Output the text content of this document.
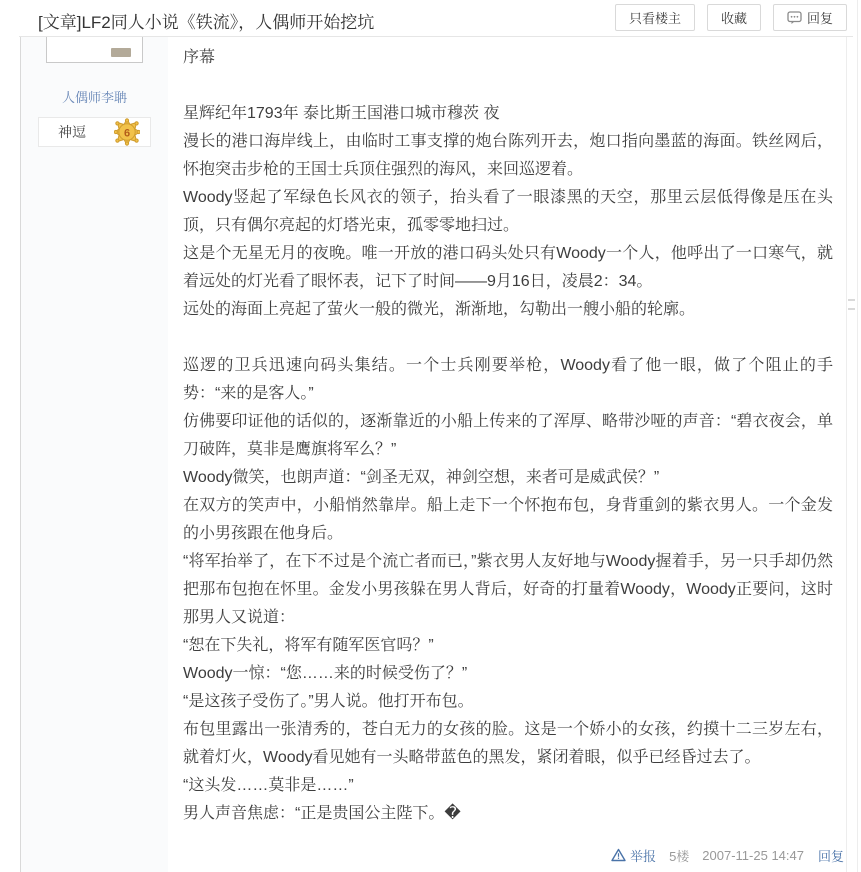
[文章]LF2同人小说《铁流》，人偶师开始挖坑	只看楼主	收藏	回复
人偶师李聃
神逗	6

序幕

星辉纪年1793年 泰比斯王国港口城市穆茨 夜

漫长的港口海岸线上，由临时工事支撑的炮台陈列开去，炮口指向墨蓝的海面。铁丝网后，怀抱突击步枪的王国士兵顶住强烈的海风，来回巡逻着。

Woody竖起了军绿色长风衣的领子，抬头看了一眼漆黑的天空，那里云层低得像是压在头顶，只有偶尔亮起的灯塔光束，孤零零地扫过。

这是个无星无月的夜晚。唯一开放的港口码头处只有Woody一个人，他呼出了一口寒气，就着远处的灯光看了眼怀表，记下了时间——9月16日，凌晨2：34。

远处的海面上亮起了萤火一般的微光，渐渐地，勾勒出一艘小船的轮廓。

巡逻的卫兵迅速向码头集结。一个士兵刚要举枪，Woody看了他一眼，做了个阻止的手势：“来的是客人。”

仿佛要印证他的话似的，逐渐靠近的小船上传来的了浑厚、略带沙哑的声音：“碧衣夜会，单刀破阵，莫非是鹰旗将军么？”

Woody微笑，也朗声道：“剑圣无双，神剑空想，来者可是威武侯？”

在双方的笑声中，小船悄然靠岸。船上走下一个怀抱布包，身背重剑的紫衣男人。一个金发的小男孩跟在他身后。

“将军抬举了，在下不过是个流亡者而已，”紫衣男人友好地与Woody握着手，另一只手却仍然把那布包抱在怀里。金发小男孩躲在男人背后，好奇的打量着Woody，Woody正要问，这时那男人又说道：

“恕在下失礼，将军有随军医官吗？”

Woody一惊：“您……来的时候受伤了？”

“是这孩子受伤了。”男人说。他打开布包。

布包里露出一张清秀的，苍白无力的女孩的脸。这是一个娇小的女孩，约摸十二三岁左右，就着灯火，Woody看见她有一头略带蓝色的黑发，紧闭着眼，似乎已经昏过去了。

“这头发……莫非是……”

男人声音焦虑：“正是贵国公主陛下。�

举报 5楼 2007-11-25 14:47 回复
